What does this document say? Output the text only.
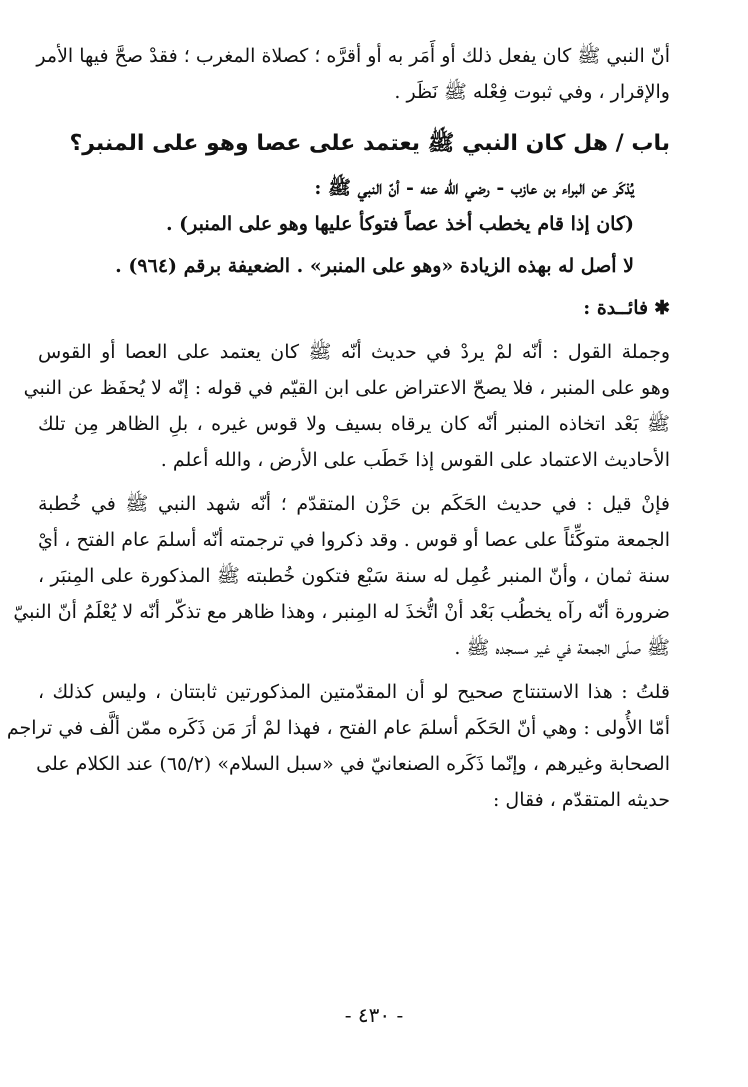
أنّ النبي ﷺ كان يفعل ذلك أو أَمَر به أو أقرَّه ؛ كصلاة المغرب ؛ فقدْ صحَّ فيها الأمر
والإقرار ، وفي ثبوت فِعْله ﷺ نَظَر .
باب / هل كان النبي ﷺ يعتمد على عصا وهو على المنبر؟
يُذكَر عن البراء بن عازب - رضي الله عنه - أنّ النبي ﷺ :
(كان إذا قام يخطب أخذ عصاً فتوكأ عليها وهو على المنبر) .
لا أصل له بهذه الزيادة «وهو على المنبر» . الضعيفة برقم (٩٦٤) .
✱فائــدة :
وجملة القول : أنّه لمْ يردْ في حديث أنّه ﷺ كان يعتمد على العصا أو القوس
وهو على المنبر ، فلا يصحّ الاعتراض على ابن القيّم في قوله : إنّه لا يُحفَظ عن النبي
ﷺ بَعْد اتخاذه المنبر أنّه كان يرقاه بسيف ولا قوس غيره ، بلِ الظاهر مِن تلك
الأحاديث الاعتماد على القوس إذا خَطَب على الأرض ، والله أعلم .
فإنْ قيل : في حديث الحَكَم بن حَزْن المتقدّم ؛ أنّه شهد النبي ﷺ في خُطبة
الجمعة متوكِّئاً على عصا أو قوس . وقد ذكروا في ترجمته أنّه أسلمَ عام الفتح ، أيْ
سنة ثمان ، وأنّ المنبر عُمِل له سنة سَبْع فتكون خُطبته ﷺ المذكورة على المِنبَر ،
ضرورة أنّه رآه يخطُب بَعْد أنْ اتُّخذَ له المِنبر ، وهذا ظاهر مع تذكّر أنّه لا يُعْلَمُ أنّ النبيّ
ﷺ صلّى الجمعة في غير مسجده ﷺ .
قلتُ : هذا الاستنتاج صحيح لو أن المقدّمتين المذكورتين ثابتتان ، وليس كذلك ،
أمّا الأُولى : وهي أنّ الحَكَم أسلمَ عام الفتح ، فهذا لمْ أرَ مَن ذَكَره ممّن ألَّف في تراجم
الصحابة وغيرهم ، وإنّما ذَكَره الصنعانيّ في «سبل السلام» (٦٥/٢) عند الكلام على
حديثه المتقدّم ، فقال :
- ٤٣٠ -
